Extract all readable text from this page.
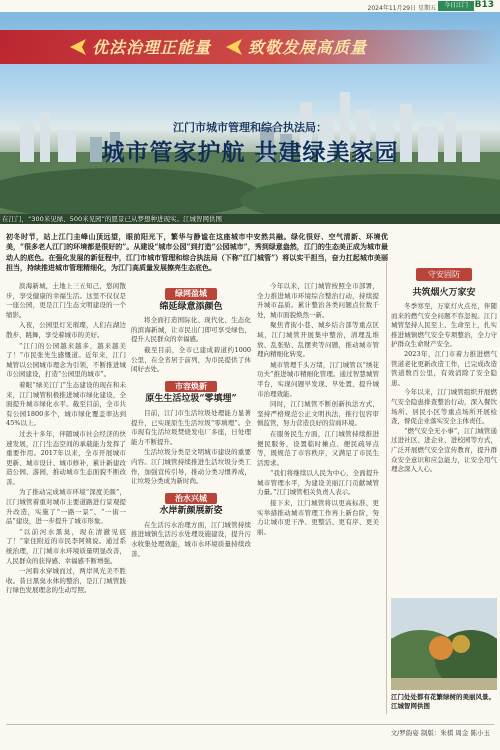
2024年11月29日 星期五	今日江门 B13
优法治理正能量 致敬发展高质量
江门市城市管理和综合执法局：
城市管家护航 共建绿美家园
在江门，“300米见绿、500米见园”的愿景已从梦想种进现实。江城智网供图
初冬时节，站上江门圭峰山顶远望，眼前阳光下，繁华与静谧在这座城市中安然共融。绿化很好、空气清新、环境优美，“很多老人江门的环境都是很好的”。从建设“城市公园”到打造“公园城市”，秀到绿意盎然，江门的生态美正成为城市最动人的底色。在强化发展的新征程中，江门市城市管理和综合执法局（下称“江门城管”）将以实干担当，奋力扛起城市美丽担当，持续推进城市管理精细化，为江门高质量发展擦亮生态底色。

滨海新城，土地上三五知己，悠闲散步，享受健康的幸福生活。这里不仅仅是一座公园，更是江门生态文明建设的一个缩影。

入夜，公园里灯光璀璨，人们在湖边散步、跳舞，享受着城市的美好。

“江门的公园越来越多，越来越美了！”市民张先生感慨道。近年来，江门城管以公园城市理念为引领，不断推进城市公园建设，打造“公园里的城市”。

着眼“绿美江门”生态建设的现在和未来，江门城管积极推进城市绿化建设，全面提升城市绿化水平。截至目前，全市共有公园1800多个，城市绿化覆盖率达到45%以上。

过去十多年，伴随城市社会经济的快速发展，江门生态空间的承载能力发挥了重要作用。2017年以来，全市开展城市更新、城市设计、城市修补，累计新建改造公园、游园，推动城市生态面貌不断改善。

为了推动完成城市环境“深度美颜”，江门城管着重对城市主要道路进行景观提升改造，实施了“一路一景”、“一街一品”建设，进一步提升了城市形象。

“以前河水黑臭，现在清澈见底了！”家住附近的市民李阿姨说。通过系统治理，江门城市水环境质量明显改善，人民群众的获得感、幸福感不断增强。

一河碧水穿城而过，两岸风光美不胜收。昔日黑臭水体的整治，是江门城管践行绿色发展理念的生动写照。

绿网盈城
绵延绿意添颜色

将全面打造国际化、现代化、生态化的滨海新城，让市民出门即可享受绿色，提升人民群众的幸福感。

截至目前，全市已建成碧道约1000公里，在全省居于前列，为市民提供了休闲好去处。

市容焕新
原生生活垃圾“零填埋”

目前，江门市生活垃圾处理能力显著提升，已实现原生生活垃圾“零填埋”。全市现有生活垃圾焚烧发电厂多座，日处理能力不断提升。

生活垃圾分类是文明城市建设的重要内容。江门城管持续推进生活垃圾分类工作，加强宣传引导，推动分类习惯养成，让垃圾分类成为新时尚。

治水兴城
水岸新颜展新姿

在生活污水治理方面，江门城管持续推进城镇生活污水处理设施建设，提升污水收集处理效能，城市水环境质量持续改善。

今年以来，江门城管按照全市部署，全力推进城市环境综合整治行动，持续提升城市品质。累计整治各类问题点位数千处，城市面貌焕然一新。

聚焦背街小巷、城乡结合部等重点区域，江门城管开展集中整治，清理乱堆放、乱张贴、乱摆卖等问题，推动城市管理向精细化转变。

城市管理千头万绪，江门城管以“绣花功夫”推进城市精细化管理。通过智慧城管平台，实现问题早发现、早处置，提升城市治理效能。

同时，江门城管不断创新执法方式，坚持严格规范公正文明执法，推行包容审慎监管，努力营造良好的营商环境。

在服务民生方面，江门城管持续推进便民服务，设置临时摊点、便民疏导点等，既规范了市容秩序，又满足了市民生活需求。

“我们将继续以人民为中心，全面提升城市管理水平，为建设美丽江门贡献城管力量。”江门城管相关负责人表示。

接下来，江门城管将以更高标准、更实举措推动城市管理工作再上新台阶，努力让城市更干净、更整洁、更有序、更美丽。

守安固防
共筑烟火万家安

冬季寒至，万家灯火点亮，伴随而来的燃气安全问题不容忽视。江门城管坚持人民至上、生命至上，扎实推进城镇燃气安全专项整治，全力守护群众生命财产安全。

2023年，江门市着力推进燃气管道老化更新改造工作，已完成改造管道数百公里，有效消除了安全隐患。

今年以来，江门城管组织开展燃气安全隐患排查整治行动，深入餐饮场所、居民小区等重点场所开展检查，督促企业落实安全主体责任。

“燃气安全无小事”，江门城管通过进社区、进企业、进校园等方式，广泛开展燃气安全宣传教育，提升群众安全意识和应急能力，让安全用气理念深入人心。

江门处处都有花繁绿树的美丽风景。江城智网供图
文/罗韵姿 制版：朱棋 周金 陈小玉
